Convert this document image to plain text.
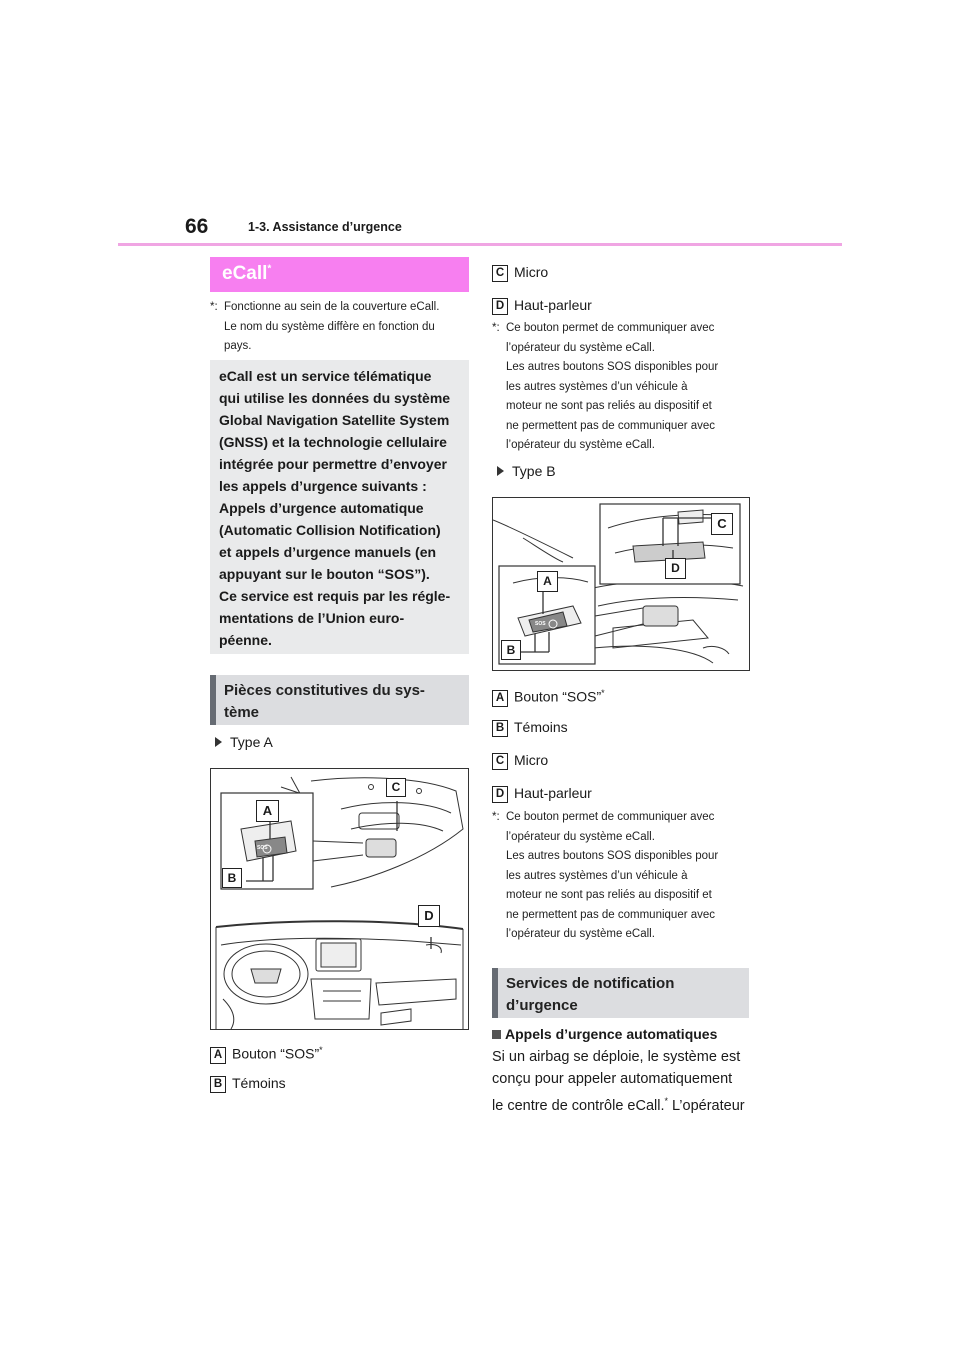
66	1-3. Assistance d’urgence
eCall*
*: Fonctionne au sein de la couverture eCall.
Le nom du système diffère en fonction du
pays.
eCall est un service télématique
qui utilise les données du système
Global Navigation Satellite System
(GNSS) et la technologie cellulaire
intégrée pour permettre d’envoyer
les appels d’urgence suivants :
Appels d’urgence automatique
(Automatic Collision Notification)
et appels d’urgence manuels (en
appuyant sur le bouton “SOS”).
Ce service est requis par les régle-
mentations de l’Union euro-
péenne.
Pièces constitutives du sys-
tème
Type A
A
C
B
D
SOS
A Bouton “SOS”*
B Témoins
C Micro
D Haut-parleur
*: Ce bouton permet de communiquer avec
l’opérateur du système eCall.
Les autres boutons SOS disponibles pour
les autres systèmes d’un véhicule à
moteur ne sont pas reliés au dispositif et
ne permettent pas de communiquer avec
l’opérateur du système eCall.
Type B
C
D
A
B
SOS
A Bouton “SOS”*
B Témoins
C Micro
D Haut-parleur
*: Ce bouton permet de communiquer avec
l’opérateur du système eCall.
Les autres boutons SOS disponibles pour
les autres systèmes d’un véhicule à
moteur ne sont pas reliés au dispositif et
ne permettent pas de communiquer avec
l’opérateur du système eCall.
Services de notification
d’urgence
Appels d’urgence automatiques
Si un airbag se déploie, le système est
conçu pour appeler automatiquement
le centre de contrôle eCall.* L’opérateur
